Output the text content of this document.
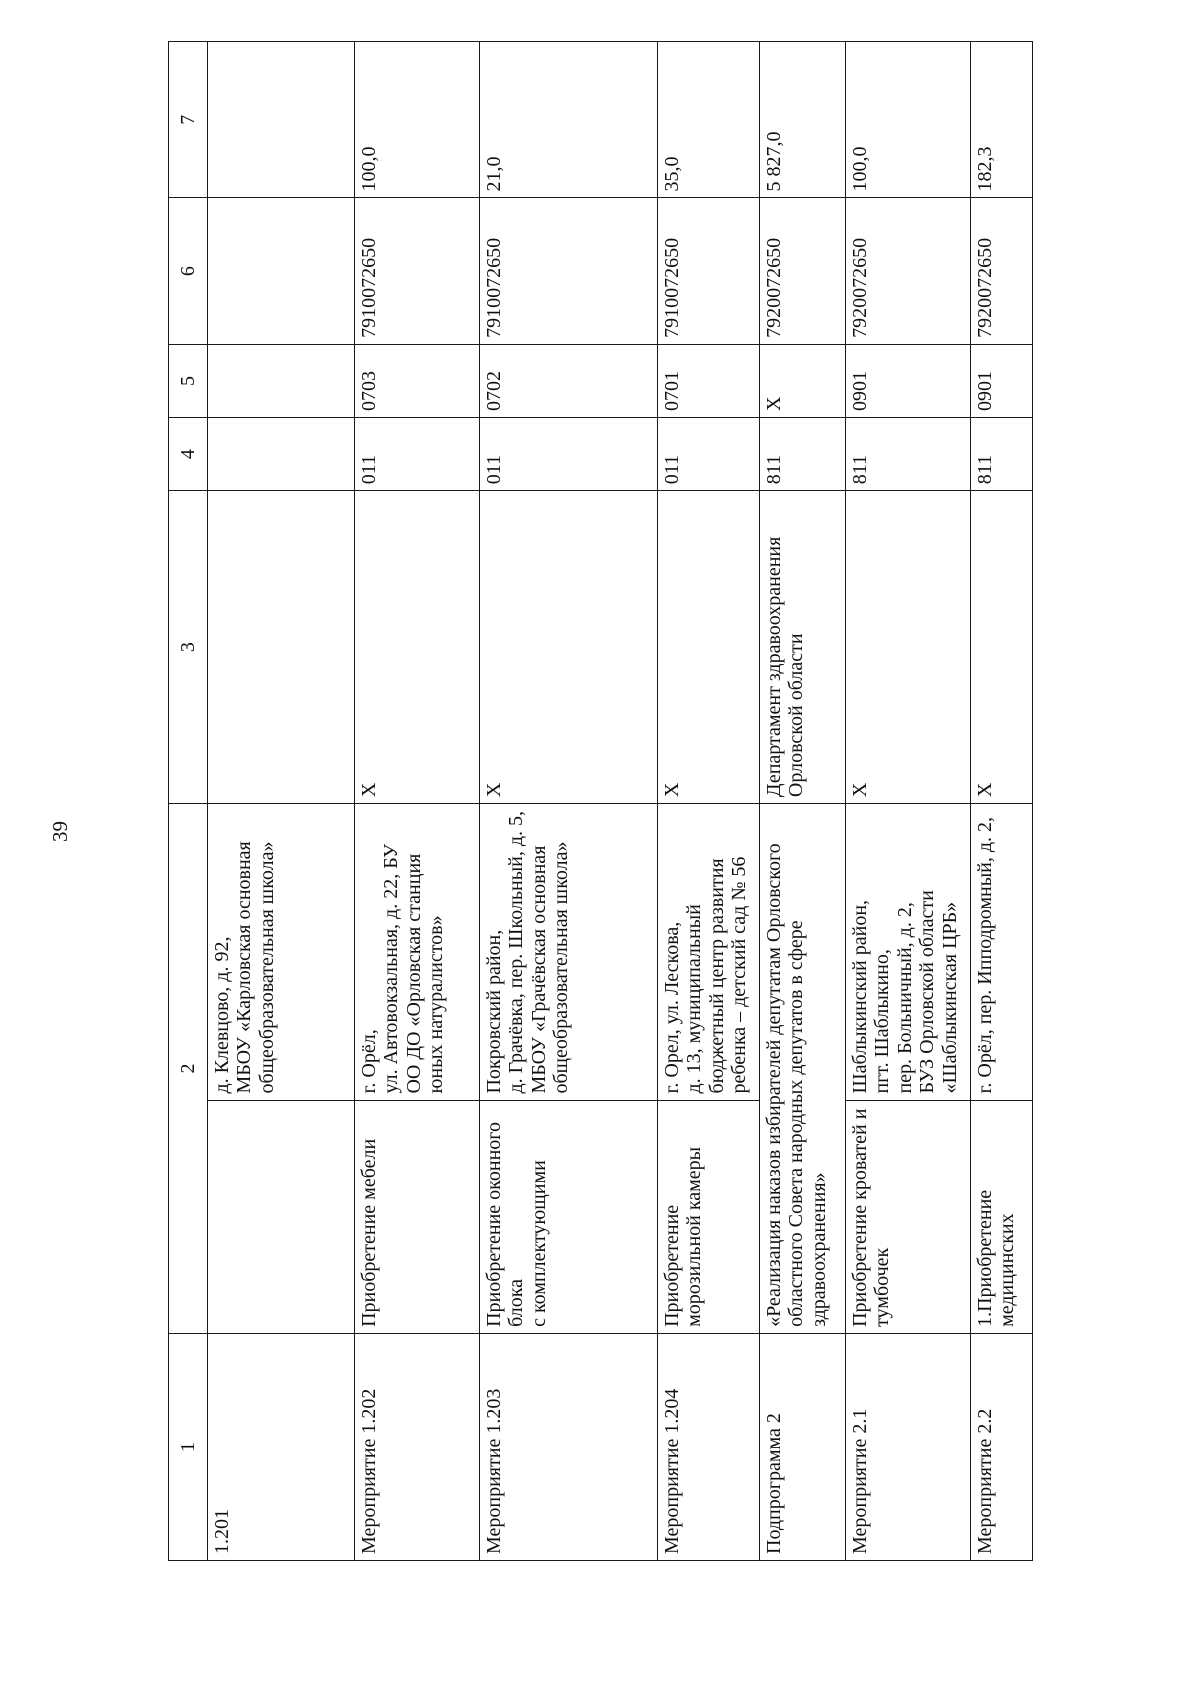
39
1	2		3	4	5	6	7
1.201		д. Клевцово, д. 92,
МБОУ «Карловская основная общеобразовательная школа»					
Мероприятие 1.202	Приобретение мебели	г. Орёл,
ул. Автовокзальная, д. 22, БУ ОО ДО «Орловская станция юных натуралистов»	Х	011	0703	7910072650	100,0
Мероприятие 1.203	Приобретение оконного блока
с комплектующими	Покровский район,
д. Грачёвка, пер. Школьный, д. 5,
МБОУ «Грачёвская основная общеобразовательная школа»	Х	011	0702	7910072650	21,0
Мероприятие 1.204	Приобретение морозильной камеры	г. Орел, ул. Лескова,
д. 13, муниципальный бюджетный центр развития ребенка – детский сад № 56	Х	011	0701	7910072650	35,0
Подпрограмма 2	«Реализация наказов избирателей депутатам Орловского областного Совета народных депутатов в сфере здравоохранения»		Департамент здравоохранения Орловской области	811	Х	7920072650	5 827,0
Мероприятие 2.1	Приобретение кроватей и тумбочек	Шаблыкинский район,
пгт. Шаблыкино,
пер. Больничный, д. 2,
БУЗ Орловской области «Шаблыкинская ЦРБ»	Х	811	0901	7920072650	100,0
Мероприятие 2.2	1.Приобретение медицинских	г. Орёл, пер. Ипподромный, д. 2,	Х	811	0901	7920072650	182,3
